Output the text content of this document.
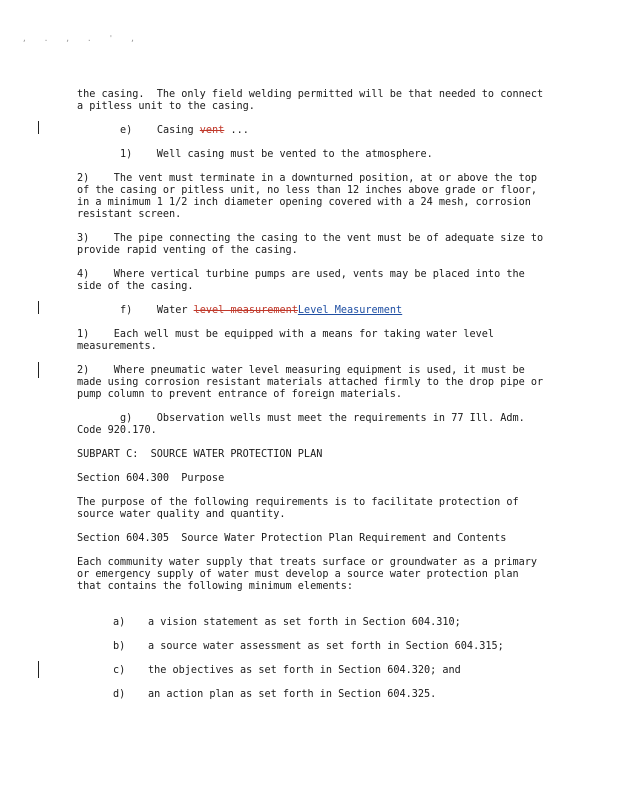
, . , . ' ,
the casing.  The only field welding permitted will be that needed to connect a pitless unit to the casing.
e) Casing vent ...
1)    Well casing must be vented to the atmosphere.
2)    The vent must terminate in a downturned position, at or above the top of the casing or pitless unit, no less than 12 inches above grade or floor, in a minimum 1 1/2 inch diameter opening covered with a 24 mesh, corrosion resistant screen.
3)    The pipe connecting the casing to the vent must be of adequate size to provide rapid venting of the casing.
4)    Where vertical turbine pumps are used, vents may be placed into the side of the casing.
f) Water level measurementLevel Measurement
1)    Each well must be equipped with a means for taking water level measurements.
2)    Where pneumatic water level measuring equipment is used, it must be made using corrosion resistant materials attached firmly to the drop pipe or pump column to prevent entrance of foreign materials.
g)    Observation wells must meet the requirements in 77 Ill. Adm. Code 920.170.
SUBPART C:  SOURCE WATER PROTECTION PLAN
Section 604.300  Purpose
The purpose of the following requirements is to facilitate protection of source water quality and quantity.
Section 604.305  Source Water Protection Plan Requirement and Contents
Each community water supply that treats surface or groundwater as a primary or emergency supply of water must develop a source water protection plan that contains the following minimum elements:
a)	a vision statement as set forth in Section 604.310;
b)	a source water assessment as set forth in Section 604.315;
c)	the objectives as set forth in Section 604.320; and
d)	an action plan as set forth in Section 604.325.
